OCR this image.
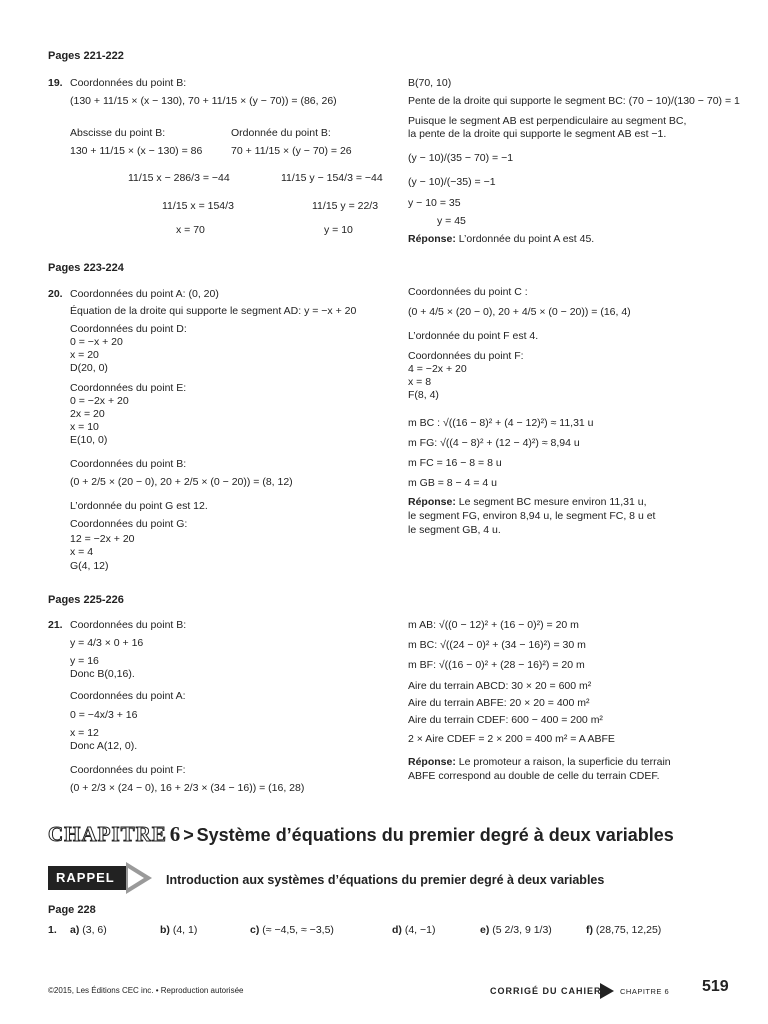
Pages 221-222
19. Coordonnées du point B:
(130 + 11/15 × (x − 130), 70 + 11/15 × (y − 70)) = (86, 26)
Abscisse du point B:
130 + 11/15 × (x − 130) = 86
11/15 x − 286/3 = −44
11/15 x = 154/3
x = 70
Ordonnée du point B:
70 + 11/15 × (y − 70) = 26
11/15 y − 154/3 = −44
11/15 y = 22/3
y = 10
B(70, 10)
Pente de la droite qui supporte le segment BC: (70 − 10)/(130 − 70) = 1
Puisque le segment AB est perpendiculaire au segment BC,
la pente de la droite qui supporte le segment AB est −1.
(y − 10)/(35 − 70) = −1
(y − 10)/(−35) = −1
y − 10 = 35
y = 45
Réponse: L’ordonnée du point A est 45.
Pages 223-224
20. Coordonnées du point A: (0, 20)
Équation de la droite qui supporte le segment AD: y = −x + 20
Coordonnées du point D:
0 = −x + 20
x = 20
D(20, 0)
Coordonnées du point E:
0 = −2x + 20
2x = 20
x = 10
E(10, 0)
Coordonnées du point B:
(0 + 2/5 × (20 − 0), 20 + 2/5 × (0 − 20)) = (8, 12)
L’ordonnée du point G est 12.
Coordonnées du point G:
12 = −2x + 20
x = 4
G(4, 12)
Coordonnées du point C :
(0 + 4/5 × (20 − 0), 20 + 4/5 × (0 − 20)) = (16, 4)
L’ordonnée du point F est 4.
Coordonnées du point F:
4 = −2x + 20
x = 8
F(8, 4)
m BC : √((16 − 8)² + (4 − 12)²) ≈ 11,31 u
m FG: √((4 − 8)² + (12 − 4)²) ≈ 8,94 u
m FC = 16 − 8 = 8 u
m GB = 8 − 4 = 4 u
Réponse: Le segment BC mesure environ 11,31 u,
le segment FG, environ 8,94 u, le segment FC, 8 u et
le segment GB, 4 u.
Pages 225-226
21. Coordonnées du point B:
y = 4/3 × 0 + 16
y = 16
Donc B(0,16).
Coordonnées du point A:
0 = −4x/3 + 16
x = 12
Donc A(12, 0).
Coordonnées du point F:
(0 + 2/3 × (24 − 0), 16 + 2/3 × (34 − 16)) = (16, 28)
m AB: √((0 − 12)² + (16 − 0)²) = 20 m
m BC: √((24 − 0)² + (34 − 16)²) = 30 m
m BF: √((16 − 0)² + (28 − 16)²) = 20 m
Aire du terrain ABCD: 30 × 20 = 600 m²
Aire du terrain ABFE: 20 × 20 = 400 m²
Aire du terrain CDEF: 600 − 400 = 200 m²
2 × Aire CDEF = 2 × 200 = 400 m² = A ABFE
Réponse: Le promoteur a raison, la superficie du terrain
ABFE correspond au double de celle du terrain CDEF.
CHAPITRE 6 > Système d’équations du premier degré à deux variables
RAPPEL	Introduction aux systèmes d’équations du premier degré à deux variables
Page 228
1. a) (3, 6)	b) (4, 1)	c) (≈ −4,5, ≈ −3,5)	d) (4, −1)	e) (5 2/3, 9 1/3)	f) (28,75, 12,25)
©2015, Les Éditions CEC inc. • Reproduction autorisée	CORRIGÉ DU CAHIER CHAPITRE 6 519
